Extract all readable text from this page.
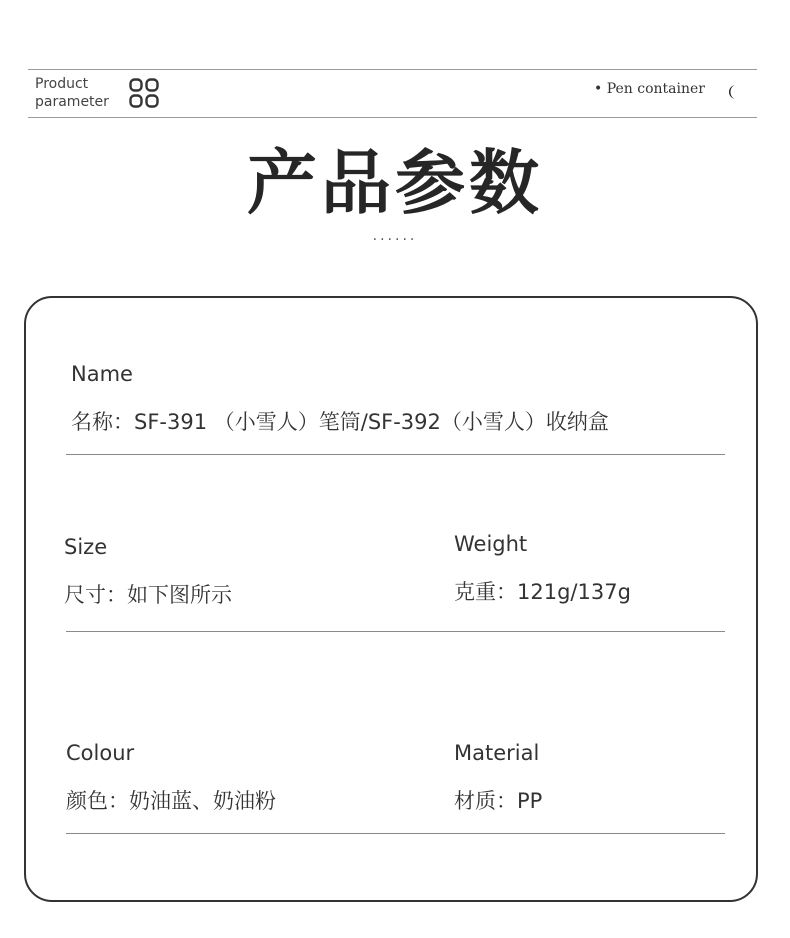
Product
parameter
• Pen container
产品参数
······
Name
名称：SF-391 （小雪人）笔筒/SF-392（小雪人）收纳盒
Size
尺寸：如下图所示
Weight
克重：121g/137g
Colour
颜色：奶油蓝、奶油粉
Material
材质：PP
